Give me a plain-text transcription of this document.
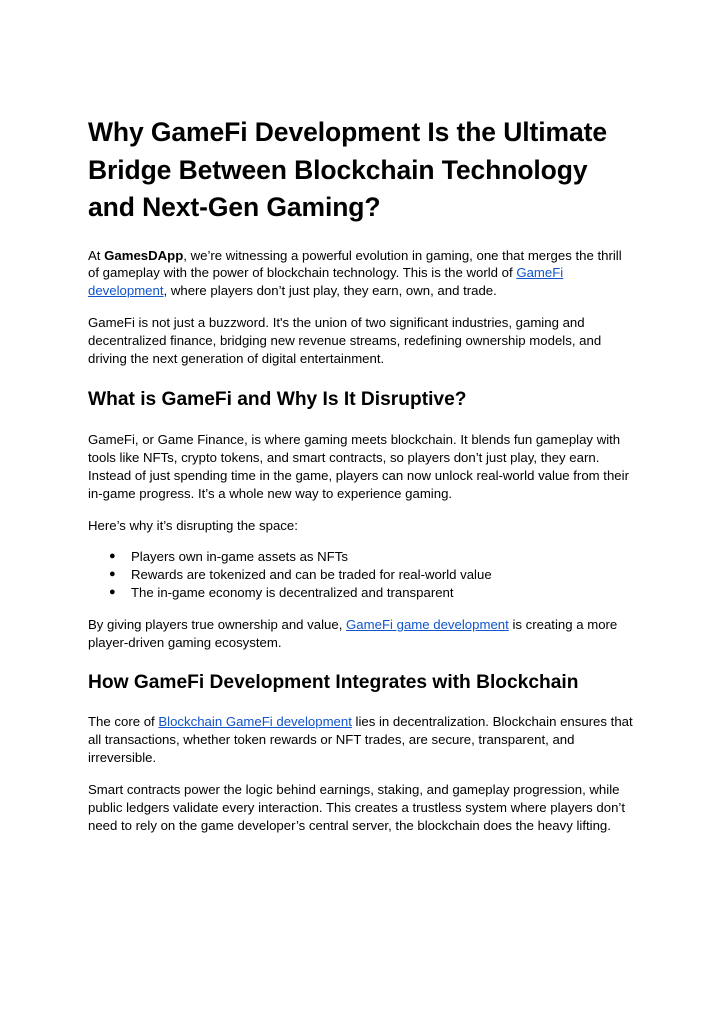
Why GameFi Development Is the Ultimate Bridge Between Blockchain Technology and Next-Gen Gaming?

At GamesDApp, we’re witnessing a powerful evolution in gaming, one that merges the thrill of gameplay with the power of blockchain technology. This is the world of GameFi development, where players don’t just play, they earn, own, and trade.

GameFi is not just a buzzword. It's the union of two significant industries, gaming and decentralized finance, bridging new revenue streams, redefining ownership models, and driving the next generation of digital entertainment.

What is GameFi and Why Is It Disruptive?

GameFi, or Game Finance, is where gaming meets blockchain. It blends fun gameplay with tools like NFTs, crypto tokens, and smart contracts, so players don’t just play, they earn. Instead of just spending time in the game, players can now unlock real-world value from their in-game progress. It’s a whole new way to experience gaming.

Here’s why it’s disrupting the space:

● Players own in-game assets as NFTs
● Rewards are tokenized and can be traded for real-world value
● The in-game economy is decentralized and transparent

By giving players true ownership and value, GameFi game development is creating a more player-driven gaming ecosystem.

How GameFi Development Integrates with Blockchain

The core of Blockchain GameFi development lies in decentralization. Blockchain ensures that all transactions, whether token rewards or NFT trades, are secure, transparent, and irreversible.

Smart contracts power the logic behind earnings, staking, and gameplay progression, while public ledgers validate every interaction. This creates a trustless system where players don’t need to rely on the game developer’s central server, the blockchain does the heavy lifting.
